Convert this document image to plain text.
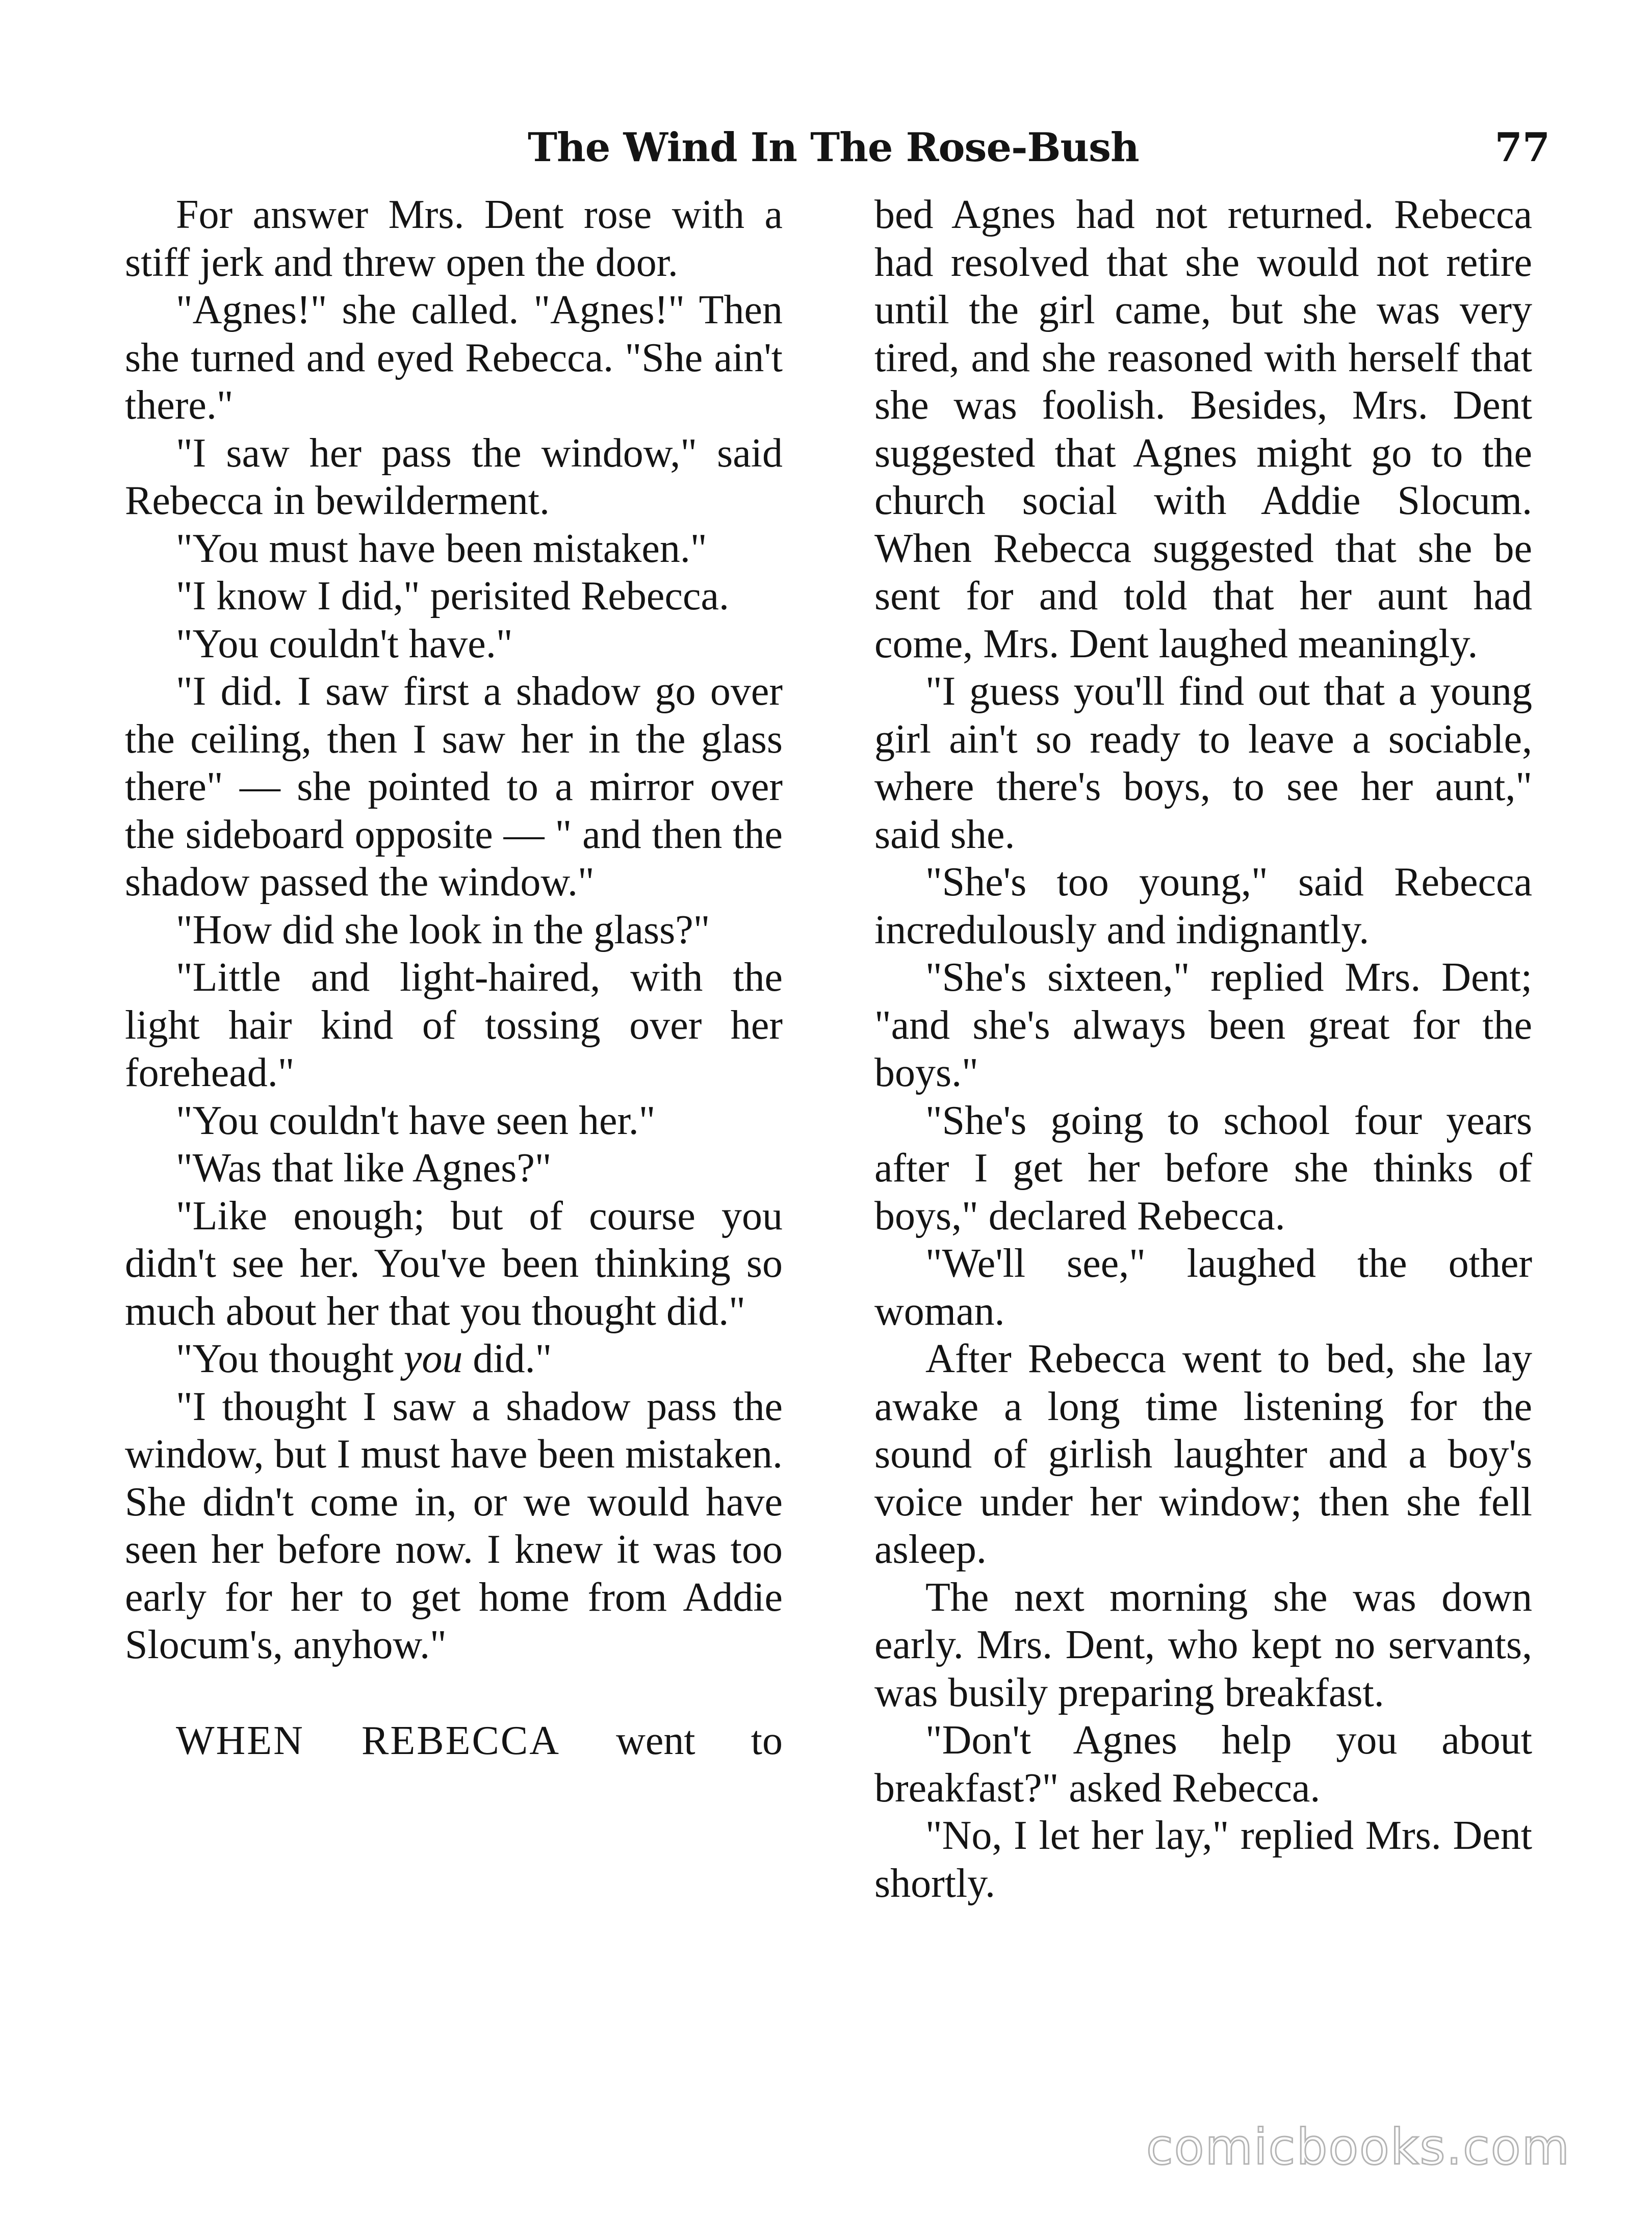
The Wind In The Rose-Bush	77

For answer Mrs. Dent rose with a stiff jerk and threw open the door.

"Agnes!" she called. "Agnes!" Then she turned and eyed Rebecca. "She ain't there."

"I saw her pass the window," said Rebecca in bewilderment.

"You must have been mistaken."

"I know I did," perisited Rebecca.

"You couldn't have."

"I did. I saw first a shadow go over the ceiling, then I saw her in the glass there" — she pointed to a mirror over the sideboard opposite — " and then the shadow passed the window."

"How did she look in the glass?"

"Little and light-haired, with the light hair kind of tossing over her forehead."

"You couldn't have seen her."

"Was that like Agnes?"

"Like enough; but of course you didn't see her. You've been thinking so much about her that you thought did."

"You thought you did."

"I thought I saw a shadow pass the window, but I must have been mistaken. She didn't come in, or we would have seen her before now. I knew it was too early for her to get home from Addie Slocum's, anyhow."

WHEN REBECCA went to

bed Agnes had not returned. Rebecca had resolved that she would not retire until the girl came, but she was very tired, and she reasoned with herself that she was foolish. Besides, Mrs. Dent suggested that Agnes might go to the church social with Addie Slocum. When Rebecca suggested that she be sent for and told that her aunt had come, Mrs. Dent laughed meaningly.

"I guess you'll find out that a young girl ain't so ready to leave a sociable, where there's boys, to see her aunt," said she.

"She's too young," said Rebecca incredulously and indignantly.

"She's sixteen," replied Mrs. Dent; "and she's always been great for the boys."

"She's going to school four years after I get her before she thinks of boys," declared Rebecca.

"We'll see," laughed the other woman.

After Rebecca went to bed, she lay awake a long time listening for the sound of girlish laughter and a boy's voice under her window; then she fell asleep.

The next morning she was down early. Mrs. Dent, who kept no servants, was busily preparing breakfast.

"Don't Agnes help you about breakfast?" asked Rebecca.

"No, I let her lay," replied Mrs. Dent shortly.

comicbooks.com
